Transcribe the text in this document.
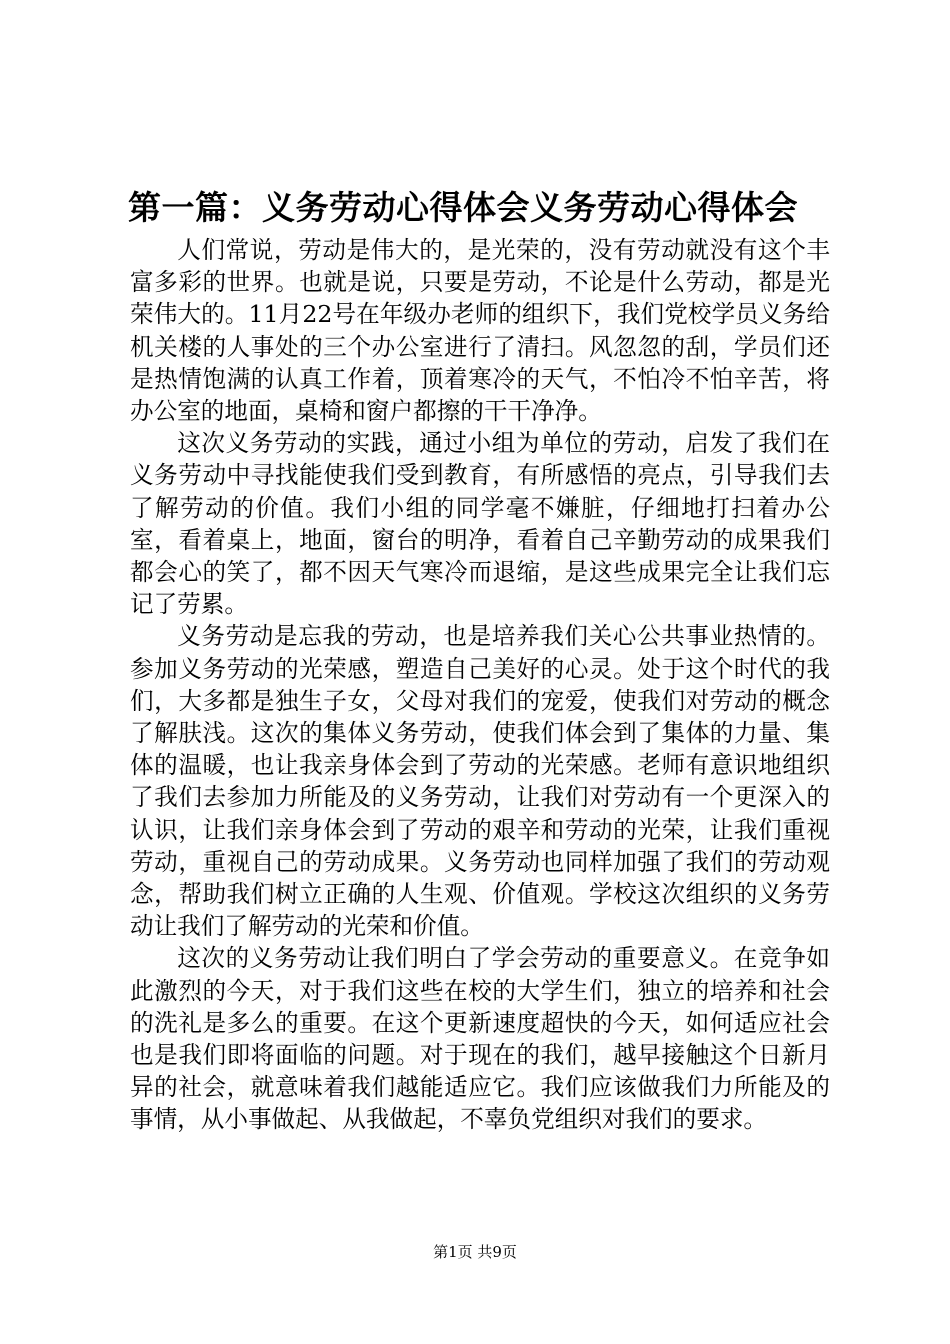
第一篇：义务劳动心得体会义务劳动心得体会

人们常说，劳动是伟大的，是光荣的，没有劳动就没有这个丰富多彩的世界。也就是说，只要是劳动，不论是什么劳动，都是光荣伟大的。11月22号在年级办老师的组织下，我们党校学员义务给机关楼的人事处的三个办公室进行了清扫。风忽忽的刮，学员们还是热情饱满的认真工作着，顶着寒冷的天气，不怕冷不怕辛苦，将办公室的地面，桌椅和窗户都擦的干干净净。

这次义务劳动的实践，通过小组为单位的劳动，启发了我们在义务劳动中寻找能使我们受到教育，有所感悟的亮点，引导我们去了解劳动的价值。我们小组的同学毫不嫌脏，仔细地打扫着办公室，看着桌上，地面，窗台的明净，看着自己辛勤劳动的成果我们都会心的笑了，都不因天气寒冷而退缩，是这些成果完全让我们忘记了劳累。

义务劳动是忘我的劳动，也是培养我们关心公共事业热情的。参加义务劳动的光荣感，塑造自己美好的心灵。处于这个时代的我们，大多都是独生子女，父母对我们的宠爱，使我们对劳动的概念了解肤浅。这次的集体义务劳动，使我们体会到了集体的力量、集体的温暖，也让我亲身体会到了劳动的光荣感。老师有意识地组织了我们去参加力所能及的义务劳动，让我们对劳动有一个更深入的认识，让我们亲身体会到了劳动的艰辛和劳动的光荣，让我们重视劳动，重视自己的劳动成果。义务劳动也同样加强了我们的劳动观念，帮助我们树立正确的人生观、价值观。学校这次组织的义务劳动让我们了解劳动的光荣和价值。

这次的义务劳动让我们明白了学会劳动的重要意义。在竞争如此激烈的今天，对于我们这些在校的大学生们，独立的培养和社会的洗礼是多么的重要。在这个更新速度超快的今天，如何适应社会也是我们即将面临的问题。对于现在的我们，越早接触这个日新月异的社会，就意味着我们越能适应它。我们应该做我们力所能及的事情，从小事做起、从我做起，不辜负党组织对我们的要求。

第1页 共9页
